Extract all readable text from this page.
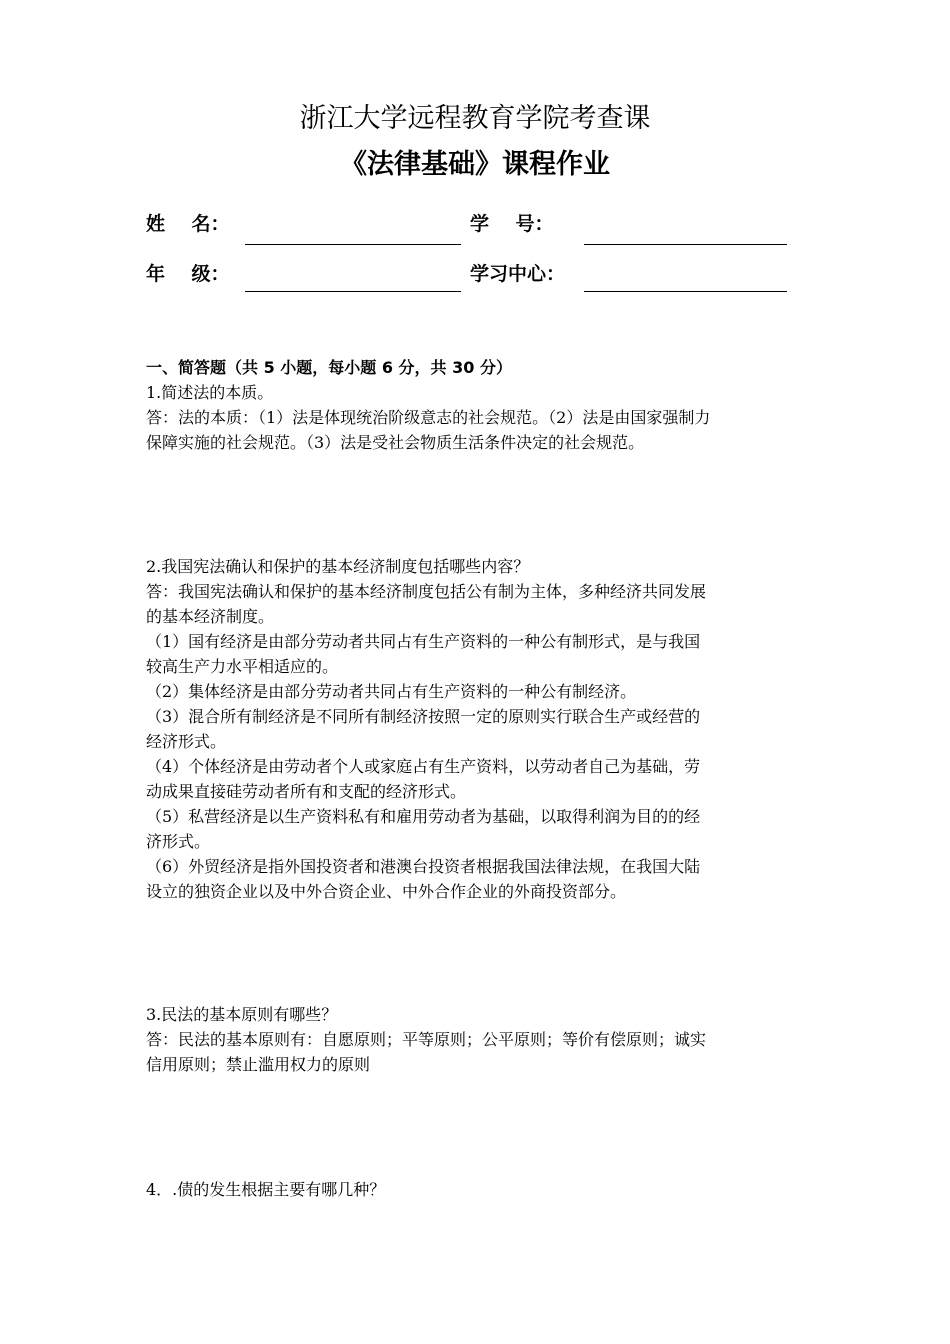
浙江大学远程教育学院考查课
《法律基础》课程作业
姓    名：	学    号：
年    级：	学习中心：
一、简答题（共 5 小题，每小题 6 分，共 30 分）
1.简述法的本质。
答：法的本质：（1）法是体现统治阶级意志的社会规范。（2）法是由国家强制力
保障实施的社会规范。（3）法是受社会物质生活条件决定的社会规范。
2.我国宪法确认和保护的基本经济制度包括哪些内容？
答：我国宪法确认和保护的基本经济制度包括公有制为主体，多种经济共同发展
的基本经济制度。
（1）国有经济是由部分劳动者共同占有生产资料的一种公有制形式，是与我国
较高生产力水平相适应的。
（2）集体经济是由部分劳动者共同占有生产资料的一种公有制经济。
（3）混合所有制经济是不同所有制经济按照一定的原则实行联合生产或经营的
经济形式。
（4）个体经济是由劳动者个人或家庭占有生产资料，以劳动者自己为基础，劳
动成果直接硅劳动者所有和支配的经济形式。
（5）私营经济是以生产资料私有和雇用劳动者为基础，以取得利润为目的的经
济形式。
（6）外贸经济是指外国投资者和港澳台投资者根据我国法律法规，在我国大陆
设立的独资企业以及中外合资企业、中外合作企业的外商投资部分。
3.民法的基本原则有哪些？
答：民法的基本原则有：自愿原则；平等原则；公平原则；等价有偿原则；诚实
信用原则；禁止滥用权力的原则
4．.债的发生根据主要有哪几种？
